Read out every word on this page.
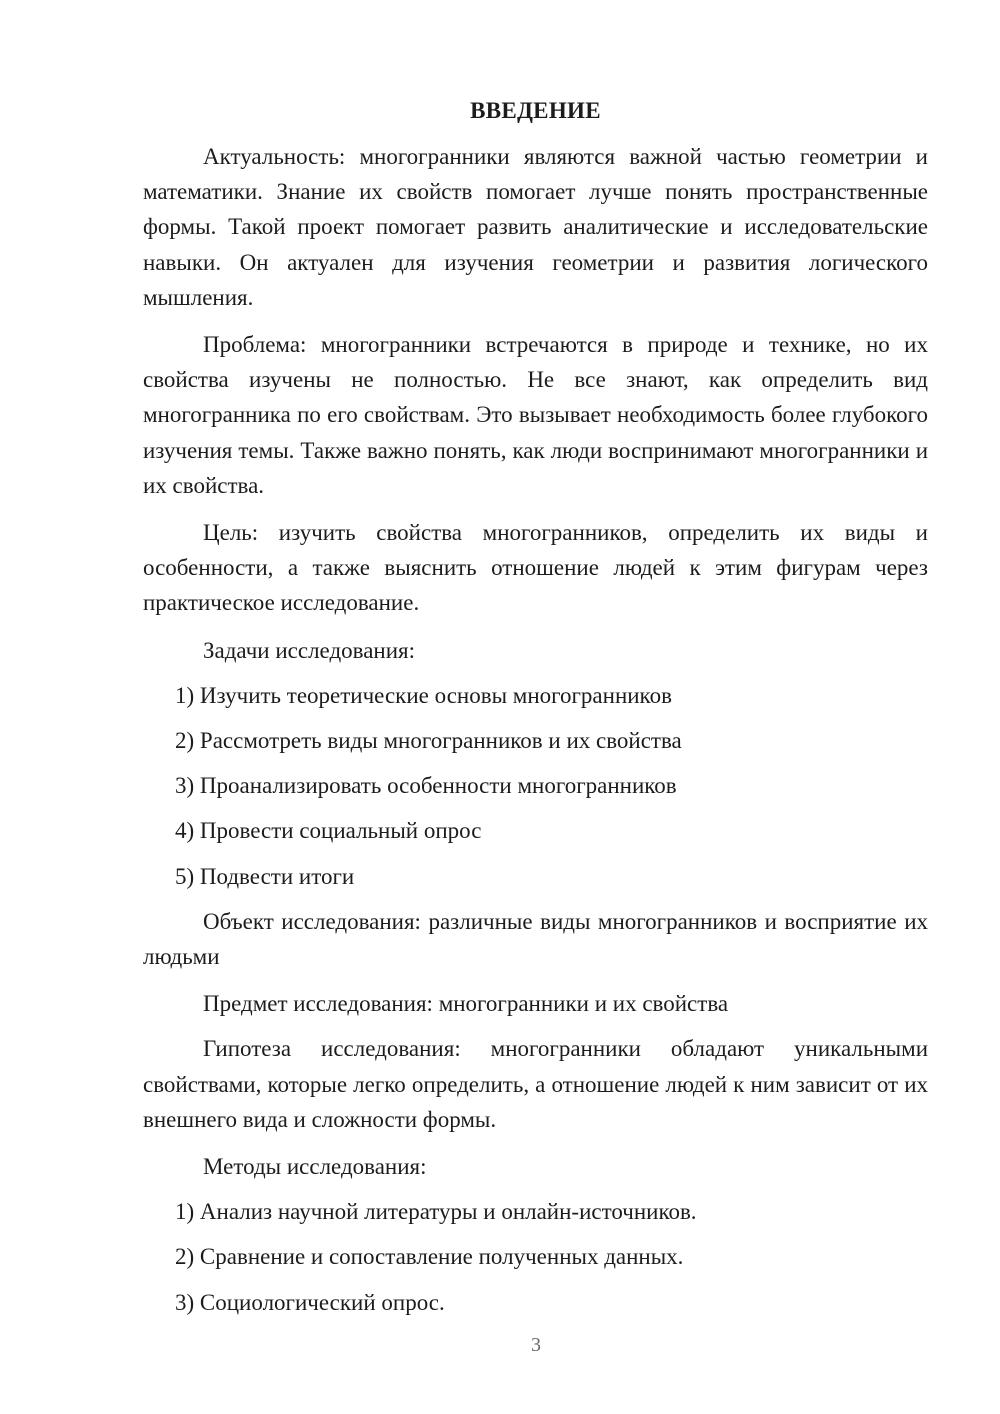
ВВЕДЕНИЕ

Актуальность: многогранники являются важной частью геометрии и математики. Знание их свойств помогает лучше понять пространственные формы. Такой проект помогает развить аналитические и исследовательские навыки. Он актуален для изучения геометрии и развития логического мышления.

Проблема: многогранники встречаются в природе и технике, но их свойства изучены не полностью. Не все знают, как определить вид многогранника по его свойствам. Это вызывает необходимость более глубокого изучения темы. Также важно понять, как люди воспринимают многогранники и их свойства.

Цель: изучить свойства многогранников, определить их виды и особенности, а также выяснить отношение людей к этим фигурам через практическое исследование.

Задачи исследования:

1) Изучить теоретические основы многогранников

2) Рассмотреть виды многогранников и их свойства

3) Проанализировать особенности многогранников

4) Провести социальный опрос

5) Подвести итоги

Объект исследования: различные виды многогранников и восприятие их людьми

Предмет исследования: многогранники и их свойства

Гипотеза исследования: многогранники обладают уникальными свойствами, которые легко определить, а отношение людей к ним зависит от их внешнего вида и сложности формы.

Методы исследования:

1) Анализ научной литературы и онлайн-источников.

2) Сравнение и сопоставление полученных данных.

3) Социологический опрос.

3
